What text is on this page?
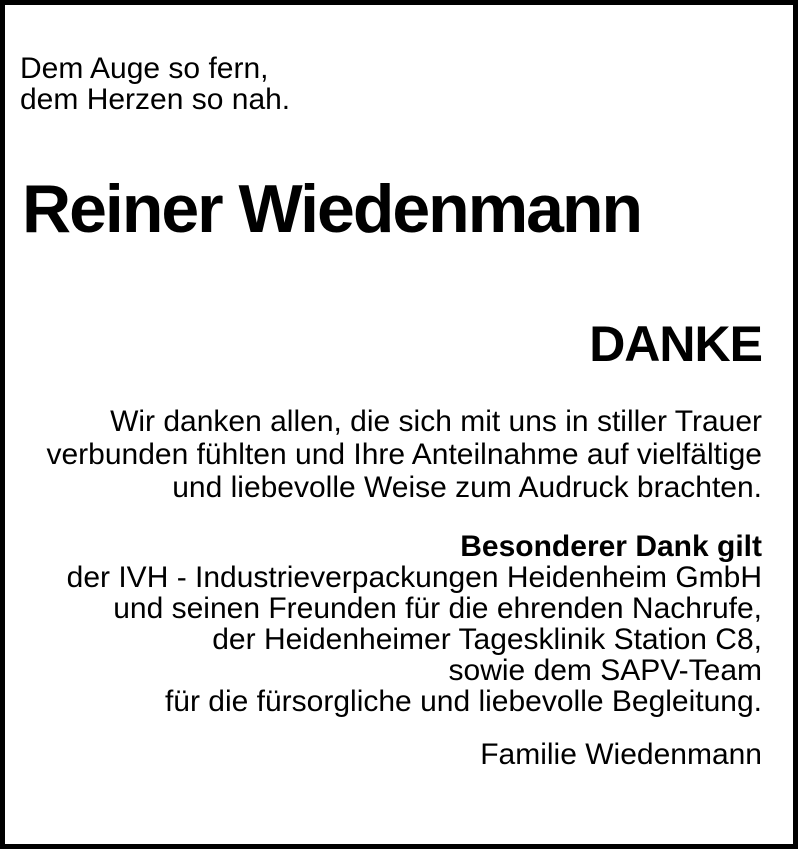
Dem Auge so fern,
dem Herzen so nah.
Reiner Wiedenmann
DANKE
Wir danken allen, die sich mit uns in stiller Trauer
verbunden fühlten und Ihre Anteilnahme auf vielfältige
und liebevolle Weise zum Audruck brachten.
Besonderer Dank gilt
der IVH - Industrieverpackungen Heidenheim GmbH
und seinen Freunden für die ehrenden Nachrufe,
der Heidenheimer Tagesklinik Station C8,
sowie dem SAPV-Team
für die fürsorgliche und liebevolle Begleitung.
Familie Wiedenmann
